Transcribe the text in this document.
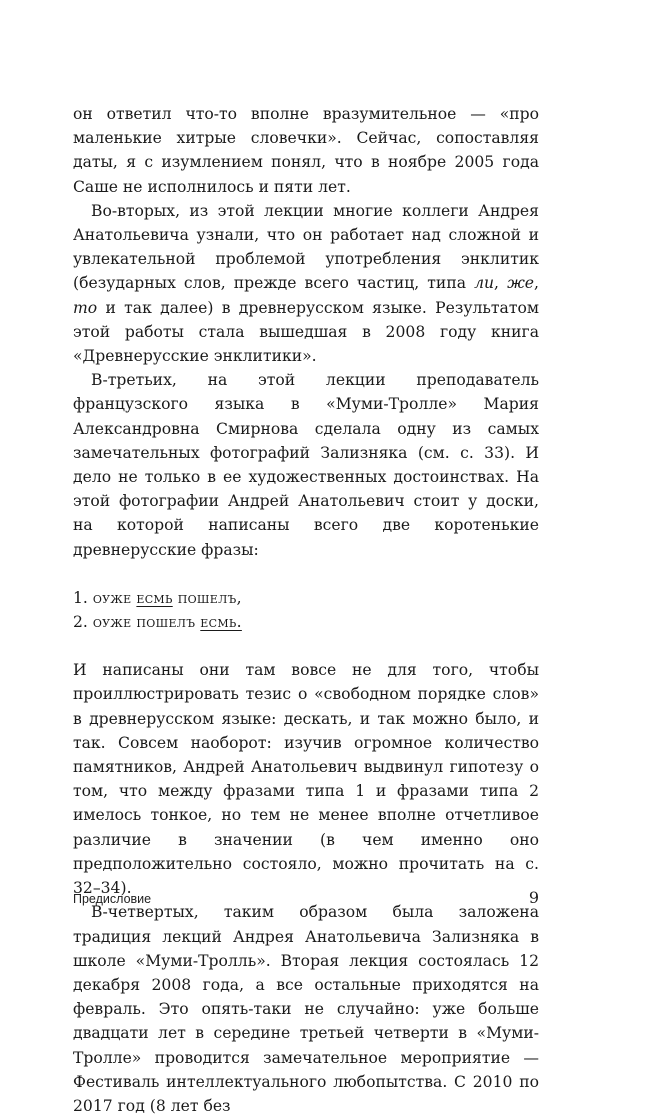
он ответил что-то вполне вразумительное — «про маленькие хитрые словечки». Сейчас, сопоставляя даты, я с изумлением понял, что в ноябре 2005 года Саше не исполнилось и пяти лет.

Во-вторых, из этой лекции многие коллеги Андрея Анатольевича узнали, что он работает над сложной и увлекательной проблемой употребления энклитик (безударных слов, прежде всего частиц, типа ли, же, то и так далее) в древнерусском языке. Результатом этой работы стала вышедшая в 2008 году книга «Древнерусские энклитики».

В-третьих, на этой лекции преподаватель французского языка в «Муми-Тролле» Мария Александровна Смирнова сделала одну из самых замечательных фотографий Зализняка (см. с. 33). И дело не только в ее художественных достоинствах. На этой фотографии Андрей Анатольевич стоит у доски, на которой написаны всего две коротенькие древнерусские фразы:

1. оуже есмь пошелъ,
2. оуже пошелъ есмь.

И написаны они там вовсе не для того, чтобы проиллюстрировать тезис о «свободном порядке слов» в древнерусском языке: дескать, и так можно было, и так. Совсем наоборот: изучив огромное количество памятников, Андрей Анатольевич выдвинул гипотезу о том, что между фразами типа 1 и фразами типа 2 имелось тонкое, но тем не менее вполне отчетливое различие в значении (в чем именно оно предположительно состояло, можно прочитать на с. 32–34).

В-четвертых, таким образом была заложена традиция лекций Андрея Анатольевича Зализняка в школе «Муми-Тролль». Вторая лекция состоялась 12 декабря 2008 года, а все остальные приходятся на февраль. Это опять-таки не случайно: уже больше двадцати лет в середине третьей четверти в «Муми-Тролле» проводится замечательное мероприятие — Фестиваль интеллектуального любопытства. С 2010 по 2017 год (8 лет без

Предисловие	9
